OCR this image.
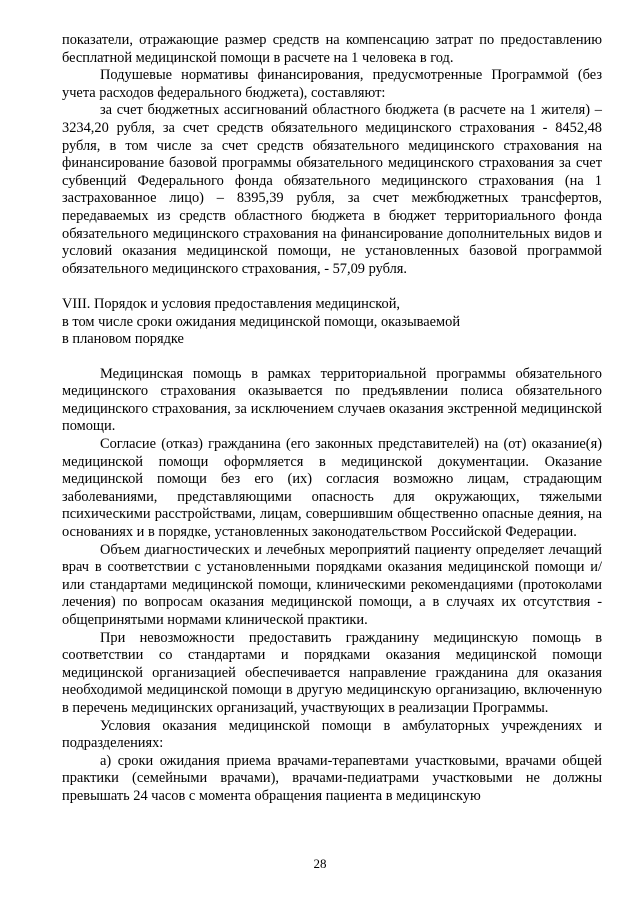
показатели, отражающие размер средств на компенсацию затрат по предоставлению бесплатной медицинской помощи в расчете на 1 человека в год.

Подушевые нормативы финансирования, предусмотренные Программой (без учета расходов федерального бюджета), составляют:

за счет бюджетных ассигнований областного бюджета (в расчете на 1 жителя) – 3234,20 рубля, за счет средств обязательного медицинского страхования - 8452,48 рубля, в том числе за счет средств обязательного медицинского страхования на финансирование базовой программы обязательного медицинского страхования за счет субвенций Федерального фонда обязательного медицинского страхования (на 1 застрахованное лицо) – 8395,39 рубля, за счет межбюджетных трансфертов, передаваемых из средств областного бюджета в бюджет территориального фонда обязательного медицинского страхования на финансирование дополнительных видов и условий оказания медицинской помощи, не установленных базовой программой обязательного медицинского страхования, - 57,09 рубля.

VIII. Порядок и условия предоставления медицинской,
в том числе сроки ожидания медицинской помощи, оказываемой
в плановом порядке

Медицинская помощь в рамках территориальной программы обязательного медицинского страхования оказывается по предъявлении полиса обязательного медицинского страхования, за исключением случаев оказания экстренной медицинской помощи.

Согласие (отказ) гражданина (его законных представителей) на (от) оказание(я) медицинской помощи оформляется в медицинской документации. Оказание медицинской помощи без его (их) согласия возможно лицам, страдающим заболеваниями, представляющими опасность для окружающих, тяжелыми психическими расстройствами, лицам, совершившим общественно опасные деяния, на основаниях и в порядке, установленных законодательством Российской Федерации.

Объем диагностических и лечебных мероприятий пациенту определяет лечащий врач в соответствии с установленными порядками оказания медицинской помощи и/или стандартами медицинской помощи, клиническими рекомендациями (протоколами лечения) по вопросам оказания медицинской помощи, а в случаях их отсутствия - общепринятыми нормами клинической практики.

При невозможности предоставить гражданину медицинскую помощь в соответствии со стандартами и порядками оказания медицинской помощи медицинской организацией обеспечивается направление гражданина для оказания необходимой медицинской помощи в другую медицинскую организацию, включенную в перечень медицинских организаций, участвующих в реализации Программы.

Условия оказания медицинской помощи в амбулаторных учреждениях и подразделениях:

а) сроки ожидания приема врачами-терапевтами участковыми, врачами общей практики (семейными врачами), врачами-педиатрами участковыми не должны превышать 24 часов с момента обращения пациента в медицинскую

28
